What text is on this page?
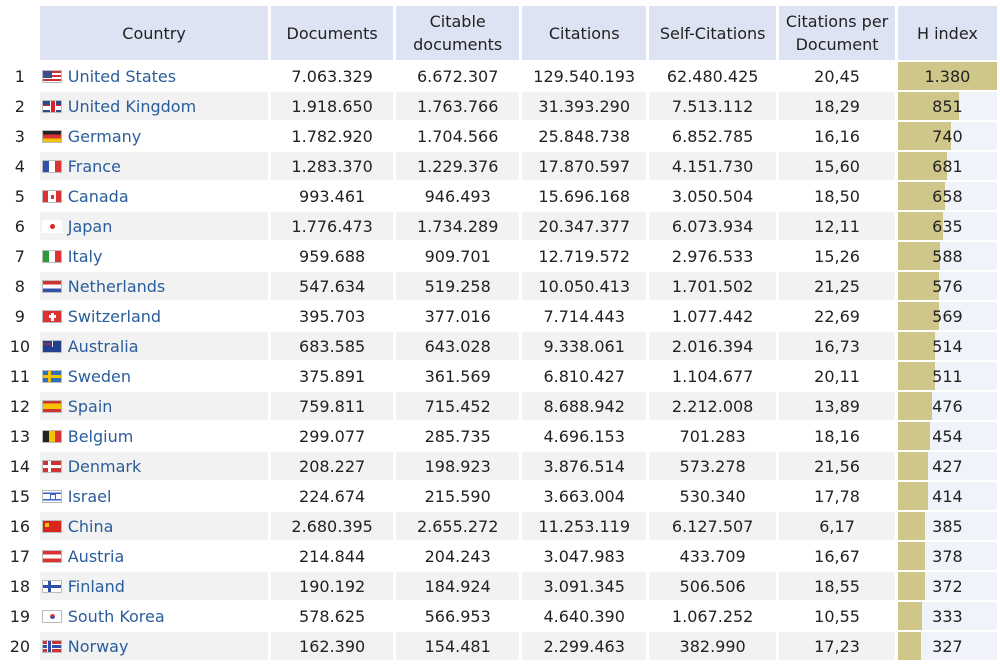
	Country	Documents	Citable documents	Citations	Self-Citations	Citations per Document	H index
1	United States	7.063.329	6.672.307	129.540.193	62.480.425	20,45	1.380

2	United Kingdom	1.918.650	1.763.766	31.393.290	7.513.112	18,29	851

3	Germany	1.782.920	1.704.566	25.848.738	6.852.785	16,16	740

4	France	1.283.370	1.229.376	17.870.597	4.151.730	15,60	681

5	Canada	993.461	946.493	15.696.168	3.050.504	18,50	658

6	Japan	1.776.473	1.734.289	20.347.377	6.073.934	12,11	635

7	Italy	959.688	909.701	12.719.572	2.976.533	15,26	588

8	Netherlands	547.634	519.258	10.050.413	1.701.502	21,25	576

9	Switzerland	395.703	377.016	7.714.443	1.077.442	22,69	569

10	Australia	683.585	643.028	9.338.061	2.016.394	16,73	514

11	Sweden	375.891	361.569	6.810.427	1.104.677	20,11	511

12	Spain	759.811	715.452	8.688.942	2.212.008	13,89	476

13	Belgium	299.077	285.735	4.696.153	701.283	18,16	454

14	Denmark	208.227	198.923	3.876.514	573.278	21,56	427

15	Israel	224.674	215.590	3.663.004	530.340	17,78	414

16	China	2.680.395	2.655.272	11.253.119	6.127.507	6,17	385

17	Austria	214.844	204.243	3.047.983	433.709	16,67	378

18	Finland	190.192	184.924	3.091.345	506.506	18,55	372

19	South Korea	578.625	566.953	4.640.390	1.067.252	10,55	333

20	Norway	162.390	154.481	2.299.463	382.990	17,23	327
